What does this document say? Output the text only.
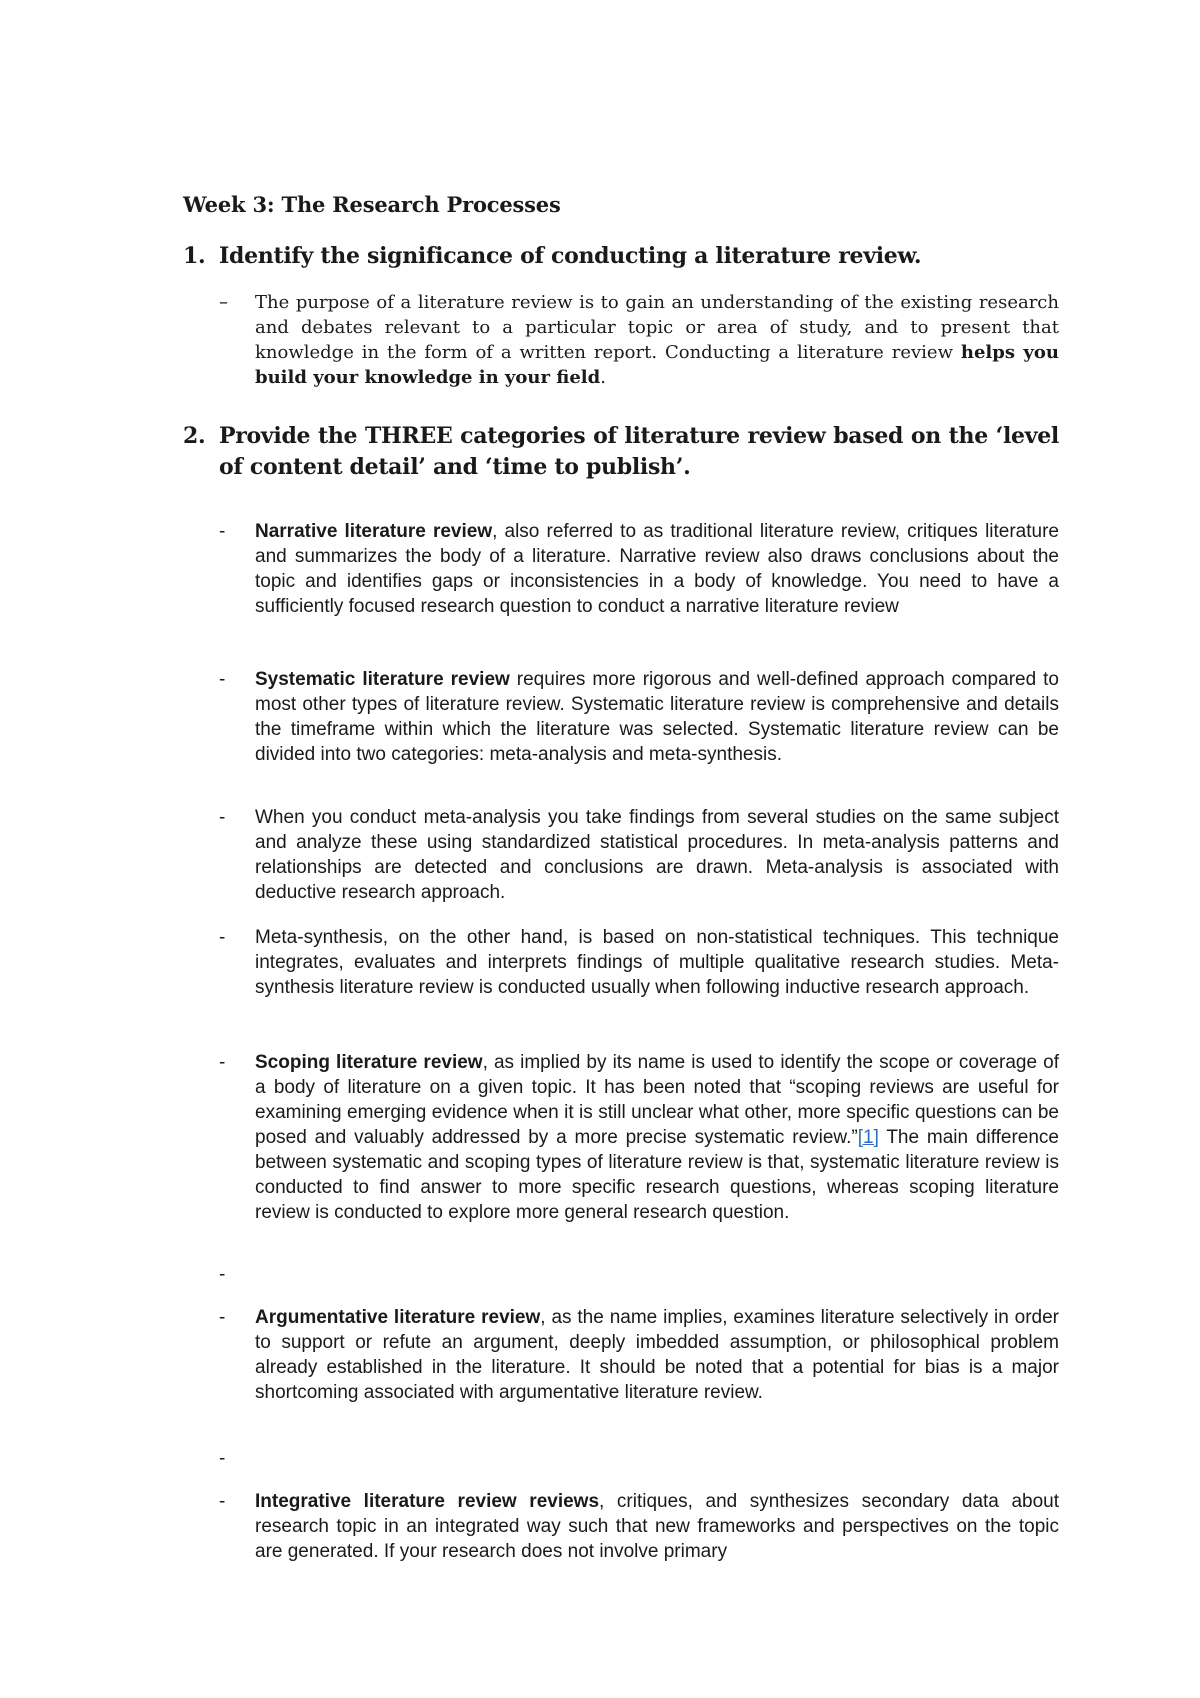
Week 3: The Research Processes
1. Identify the significance of conducting a literature review.
–	The purpose of a literature review is to gain an understanding of the existing research and debates relevant to a particular topic or area of study, and to present that knowledge in the form of a written report. Conducting a literature review helps you build your knowledge in your field.
2. Provide the THREE categories of literature review based on the ‘level of content detail’ and ‘time to publish’.
-	Narrative literature review, also referred to as traditional literature review, critiques literature and summarizes the body of a literature. Narrative review also draws conclusions about the topic and identifies gaps or inconsistencies in a body of knowledge. You need to have a sufficiently focused research question to conduct a narrative literature review
-	Systematic literature review requires more rigorous and well-defined approach compared to most other types of literature review. Systematic literature review is comprehensive and details the timeframe within which the literature was selected. Systematic literature review can be divided into two categories: meta-analysis and meta-synthesis.
-	When you conduct meta-analysis you take findings from several studies on the same subject and analyze these using standardized statistical procedures. In meta-analysis patterns and relationships are detected and conclusions are drawn. Meta-analysis is associated with deductive research approach.
-	Meta-synthesis, on the other hand, is based on non-statistical techniques. This technique integrates, evaluates and interprets findings of multiple qualitative research studies. Meta-synthesis literature review is conducted usually when following inductive research approach.
-	Scoping literature review, as implied by its name is used to identify the scope or coverage of a body of literature on a given topic. It has been noted that “scoping reviews are useful for examining emerging evidence when it is still unclear what other, more specific questions can be posed and valuably addressed by a more precise systematic review.”[1] The main difference between systematic and scoping types of literature review is that, systematic literature review is conducted to find answer to more specific research questions, whereas scoping literature review is conducted to explore more general research question.
-
-	Argumentative literature review, as the name implies, examines literature selectively in order to support or refute an argument, deeply imbedded assumption, or philosophical problem already established in the literature. It should be noted that a potential for bias is a major shortcoming associated with argumentative literature review.
-
-	Integrative literature review reviews, critiques, and synthesizes secondary data about research topic in an integrated way such that new frameworks and perspectives on the topic are generated. If your research does not involve primary
